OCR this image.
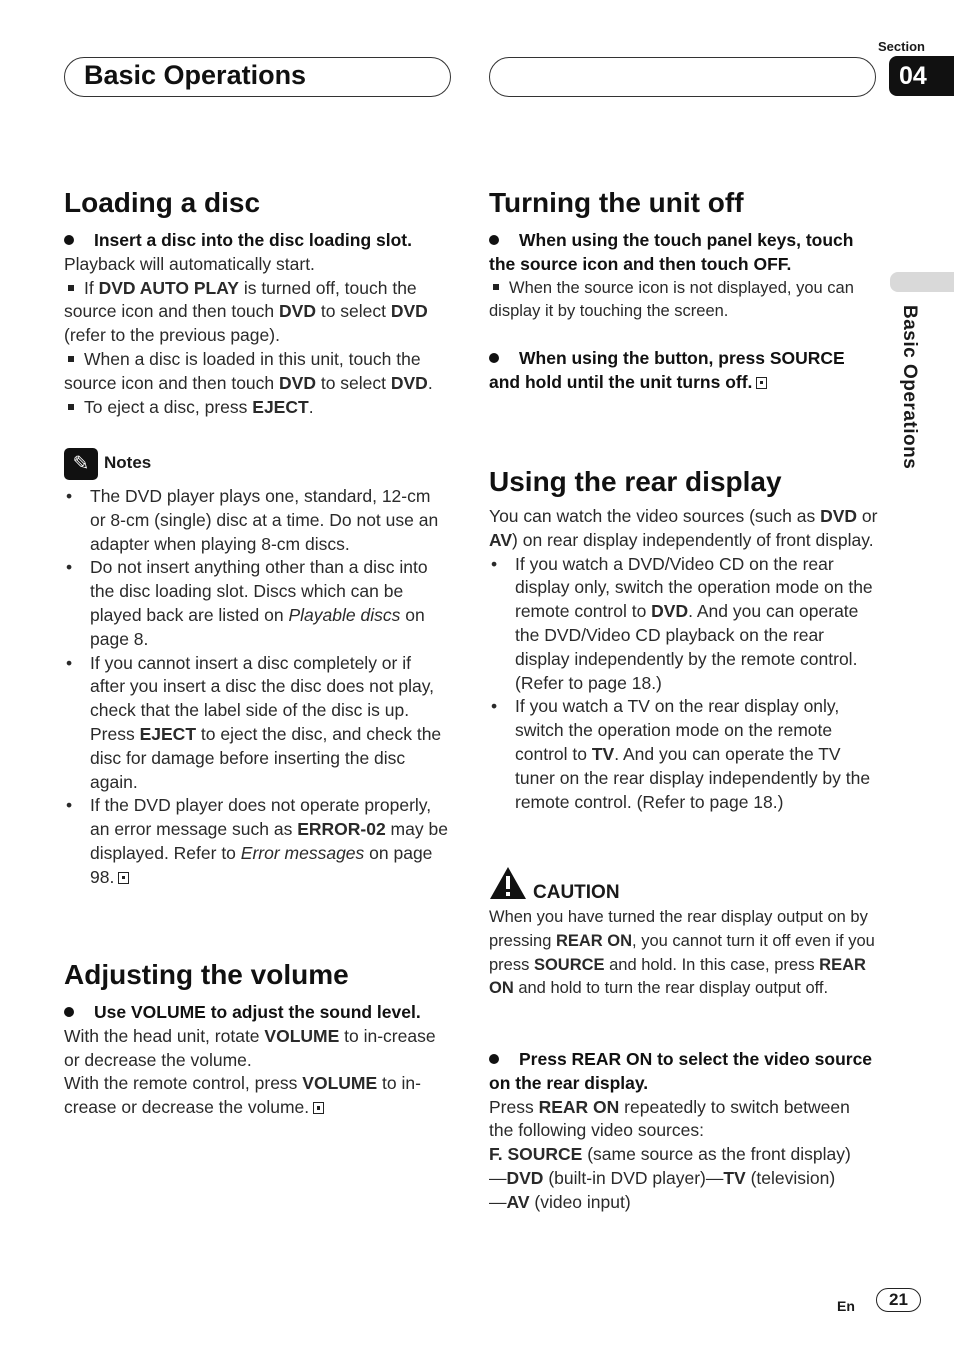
Basic Operations
Section
04
Basic Operations
Loading a disc
Insert a disc into the disc loading slot.
Playback will automatically start.
If DVD AUTO PLAY is turned off, touch the source icon and then touch DVD to select DVD (refer to the previous page).
When a disc is loaded in this unit, touch the source icon and then touch DVD to select DVD.
To eject a disc, press EJECT.
✎ Notes
• The DVD player plays one, standard, 12-cm or 8-cm (single) disc at a time. Do not use an adapter when playing 8-cm discs.
• Do not insert anything other than a disc into the disc loading slot. Discs which can be played back are listed on Playable discs on page 8.
• If you cannot insert a disc completely or if after you insert a disc the disc does not play, check that the label side of the disc is up. Press EJECT to eject the disc, and check the disc for damage before inserting the disc again.
• If the DVD player does not operate properly, an error message such as ERROR-02 may be displayed. Refer to Error messages on page 98.
Adjusting the volume
Use VOLUME to adjust the sound level.
With the head unit, rotate VOLUME to in-crease or decrease the volume.
With the remote control, press VOLUME to in-crease or decrease the volume.
Turning the unit off
When using the touch panel keys, touch the source icon and then touch OFF.
When the source icon is not displayed, you can display it by touching the screen.
When using the button, press SOURCE and hold until the unit turns off.
Using the rear display
You can watch the video sources (such as DVD or AV) on rear display independently of front display.
• If you watch a DVD/Video CD on the rear display only, switch the operation mode on the remote control to DVD. And you can operate the DVD/Video CD playback on the rear display independently by the remote control. (Refer to page 18.)
• If you watch a TV on the rear display only, switch the operation mode on the remote control to TV. And you can operate the TV tuner on the rear display independently by the remote control. (Refer to page 18.)
CAUTION
When you have turned the rear display output on by pressing REAR ON, you cannot turn it off even if you press SOURCE and hold. In this case, press REAR ON and hold to turn the rear display output off.
Press REAR ON to select the video source on the rear display.
Press REAR ON repeatedly to switch between the following video sources:
F. SOURCE (same source as the front display)
—DVD (built-in DVD player)—TV (television)
—AV (video input)
En	21
